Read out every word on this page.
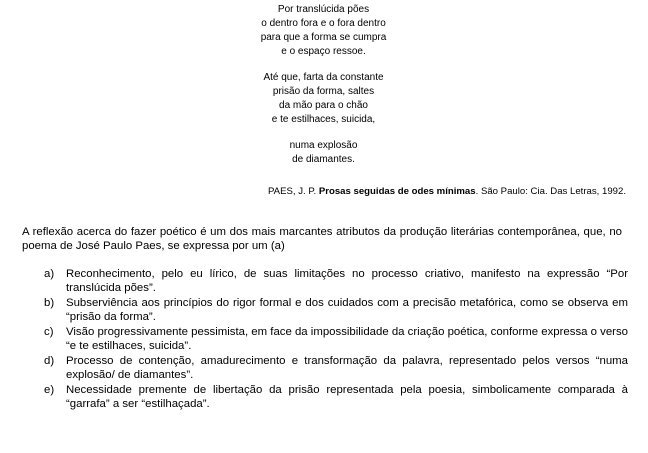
Por translúcida pões
o dentro fora e o fora dentro
para que a forma se cumpra
e o espaço ressoe.
Até que, farta da constante
prisão da forma, saltes
da mão para o chão
e te estilhaces, suicida,
numa explosão
de diamantes.
PAES, J. P. Prosas seguidas de odes mínimas. São Paulo: Cia. Das Letras, 1992.
A reflexão acerca do fazer poético é um dos mais marcantes atributos da produção literárias contemporânea, que, no poema de José Paulo Paes, se expressa por um (a)
a) Reconhecimento, pelo eu lírico, de suas limitações no processo criativo, manifesto na expressão “Por translúcida pões”.
b) Subserviência aos princípios do rigor formal e dos cuidados com a precisão metafórica, como se observa em “prisão da forma”.
c) Visão progressivamente pessimista, em face da impossibilidade da criação poética, conforme expressa o verso “e te estilhaces, suicida”.
d) Processo de contenção, amadurecimento e transformação da palavra, representado pelos versos “numa explosão/ de diamantes”.
e) Necessidade premente de libertação da prisão representada pela poesia, simbolicamente comparada à “garrafa” a ser “estilhaçada”.
